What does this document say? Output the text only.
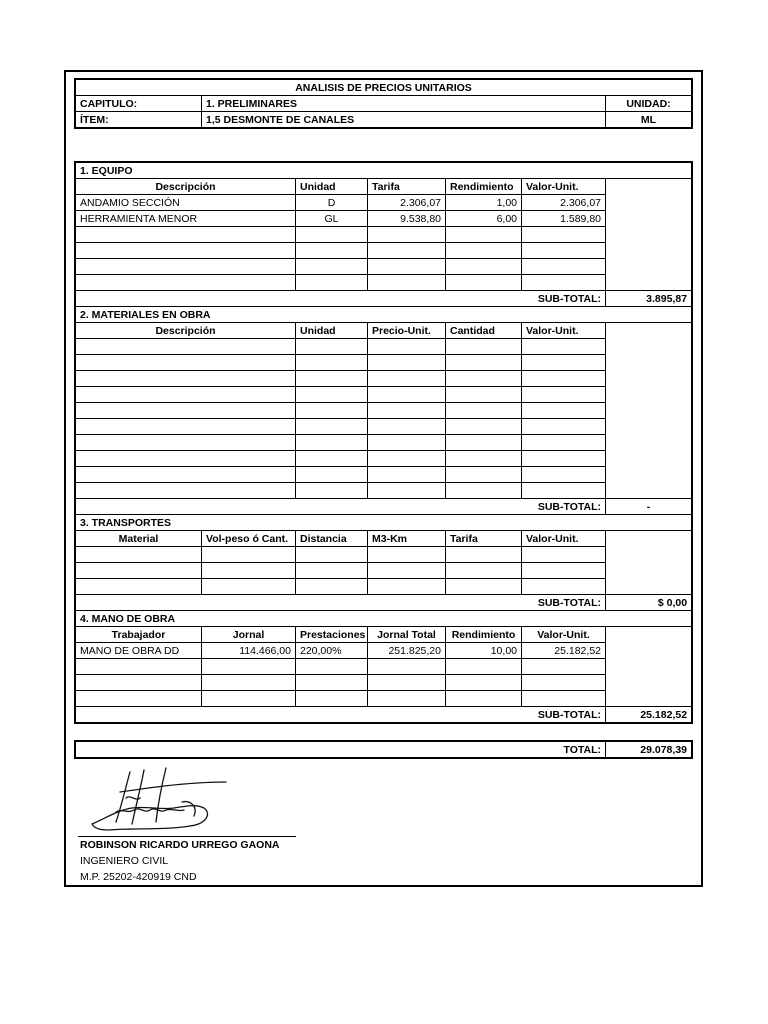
ANALISIS DE PRECIOS UNITARIOS		
CAPITULO:	1. PRELIMINARES	UNIDAD:
ÍTEM:	1,5 DESMONTE DE CANALES	ML
1. EQUIPO						
Descripción		Unidad	Tarifa	Rendimiento	Valor-Unit.	
ANDAMIO SECCIÓN		D	2.306,07	1,00	2.306,07	
HERRAMIENTA MENOR		GL	9.538,80	6,00	1.589,80	

SUB-TOTAL:						3.895,87
2. MATERIALES EN OBRA						
Descripción		Unidad	Precio-Unit.	Cantidad	Valor-Unit.	

SUB-TOTAL:						-
3. TRANSPORTES						
Material	Vol-peso ó Cant.	Distancia	M3-Km	Tarifa	Valor-Unit.	

SUB-TOTAL:						$ 0,00
4. MANO DE OBRA						
Trabajador	Jornal	Prestaciones	Jornal Total	Rendimiento	Valor-Unit.	
MANO DE OBRA DD	114.466,00	220,00%	251.825,20	10,00	25.182,52	

SUB-TOTAL:						25.182,52
TOTAL:	29.078,39
ROBINSON RICARDO URREGO GAONA
INGENIERO CIVIL
M.P. 25202-420919 CND
